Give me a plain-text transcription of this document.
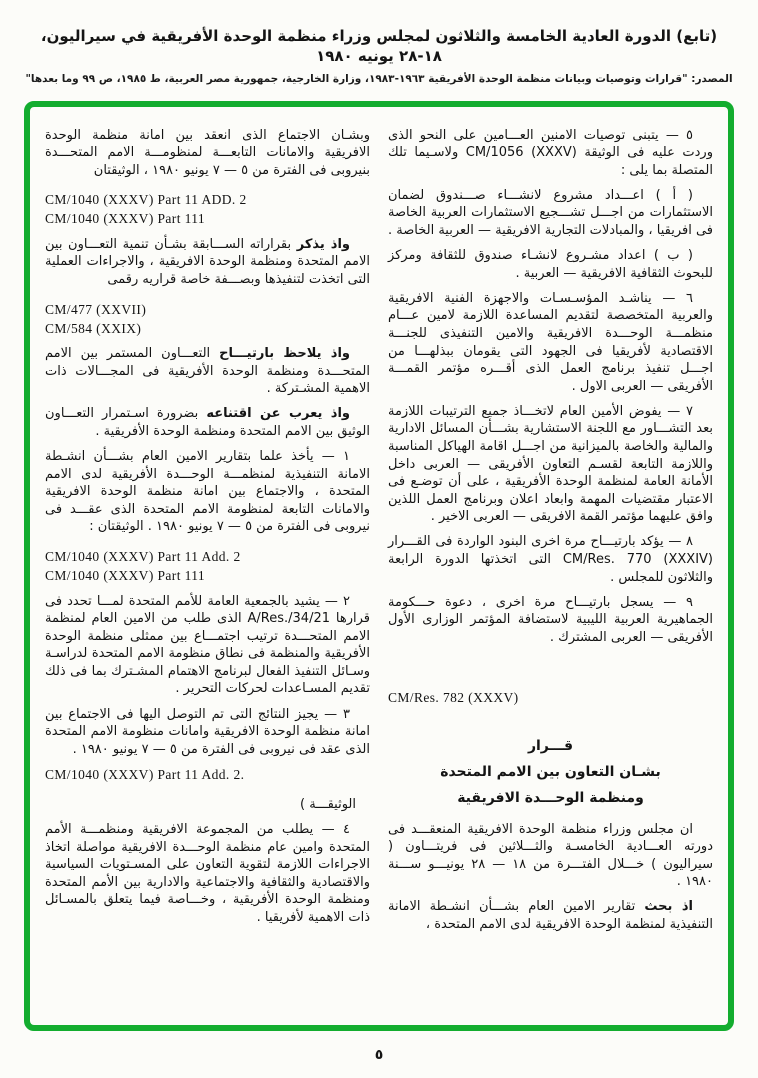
(تابع) الدورة العادية الخامسة والثلاثون لمجلس وزراء منظمة الوحدة الأفريقية في سيراليون، ١٨-٢٨ يونيه ١٩٨٠
المصدر: "قرارات وتوصيات وبيانات منظمة الوحدة الأفريقية ١٩٦٣-١٩٨٣، وزارة الخارجية، جمهورية مصر العربية، ط ١٩٨٥، ص ٩٩ وما بعدها"

٥ — يتبنى توصيات الامنين العـــامين على النحو الذى وردت عليه فى الوثيقة CM/1056 (XXXV) ولاسـيما تلك المتصلة بما يلى :

( أ ) اعـــداد مشروع لانشـــاء صـــندوق لضمان الاستثمارات من اجـــل تشـــجيع الاستثمارات العربية الخاصة فى افريقيا ، والمبادلات التجارية الافريقية — العربية الخاصة .

( ب ) اعداد مشـروع لانشـاء صندوق للثقافة ومركز للبحوث الثقافية الافريقية — العربية .

٦ — يناشـد المؤسـسـات والاجهزة الفنية الافريقية والعربية المتخصصة لتقديم المساعدة اللازمة لامين عـــام منظمـــة الوحـــدة الافريقية والامين التنفيذى للجنـــة الاقتصادية لأفريقيا فى الجهود التى يقومان ببذلهـــا من اجـــل تنفيذ برنامج العمل الذى أقـــره مؤتمر القمـــة الأفريقى — العربى الاول .

٧ — يفوض الأمين العام لاتخـــاذ جميع الترتيبات اللازمة بعد التشـــاور مع اللجنة الاستشارية بشـــأن المسائل الادارية والمالية والخاصة بالميزانية من اجـــل اقامة الهياكل المناسبة واللازمة التابعة لقسـم التعاون الأفريقى — العربى داخل الأمانة العامة لمنظمة الوحدة الأفريقية ، على أن توضـع فى الاعتبار مقتضيات المهمة وابعاد اعلان وبرنامج العمل اللذين وافق عليهما مؤتمر القمة الافريقى — العربى الاخير .

٨ — يؤكد بارتيـــاح مرة اخرى البنود الواردة فى القـــرار CM/Res. 770 (XXXIV) التى اتخذتها الدورة الرابعة والثلاثون للمجلس .

٩ — يسجل بارتيـــاح مرة اخرى ، دعوة حـــكومة الجماهيرية العربية الليبية لاستضافة المؤتمر الوزارى الأول الأفريقى — العربى المشترك .

CM/Res. 782 (XXXV)
قـــرار
بشـان التعاون بين الامم المتحدة
ومنظمة الوحـــدة الافريقية

ان مجلس وزراء منظمة الوحدة الافريقية المنعقـــد فى دورته العـــادية الخامسـة والثـــلاثين فى فريتـــاون ( سيراليون ) خـــلال الفتـــرة من ١٨ — ٢٨ يونيـــو ســـنة ١٩٨٠ .

اذ بحث تقارير الامين العام بشـــأن انشـطة الامانة التنفيذية لمنظمة الوحدة الافريقية لدى الامم المتحدة ،

وبشـان الاجتماع الذى انعقد بين امانة منظمة الوحدة الافريقية والامانات التابعـــة لمنظومـــة الامم المتحـــدة بنيروبى فى الفترة من ٥ — ٧ يونيو ١٩٨٠ ، الوثيقتان

CM/1040 (XXXV) Part 11 ADD. 2
CM/1040 (XXXV) Part 111

واذ يذكر بقراراته الســـابقة بشـأن تنمية التعـــاون بين الامم المتحدة ومنظمة الوحدة الافريقية ، والاجراءات العملية التى اتخذت لتنفيذها وبصـــفة خاصة قراريه رقمى

CM/477 (XXVII)
CM/584 (XXIX)

واذ يلاحظ بارتيـــاح التعـــاون المستمر بين الامم المتحـــدة ومنظمة الوحدة الأفريقية فى المجـــالات ذات الاهمية المشـتركة .

واذ يعرب عن اقتناعه بضرورة اسـتمرار التعـــاون الوثيق بين الامم المتحدة ومنظمة الوحدة الأفريقية .

١ — يأخذ علما بتقارير الامين العام بشـــأن انشـطة الامانة التنفيذية لمنظمـــة الوحـــدة الأفريقية لدى الامم المتحدة ، والاجتماع بين امانة منظمة الوحدة الافريقية والامانات التابعة لمنظومة الامم المتحدة الذى عقـــد فى نيروبى فى الفترة من ٥ — ٧ يونيو ١٩٨٠ . الوثيقتان :

CM/1040 (XXXV) Part 11 Add. 2
CM/1040 (XXXV) Part 111

٢ — يشيد بالجمعية العامة للأمم المتحدة لمـــا تحدد فى قرارها A/Res./34/21 الذى طلب من الامين العام لمنظمة الامم المتحـــدة ترتيب اجتمـــاع بين ممثلى منظمة الوحدة الأفريقية والمنظمة فى نطاق منظومة الامم المتحدة لدراسـة وسـائل التنفيذ الفعال لبرنامج الاهتمام المشـترك بما فى ذلك تقديم المسـاعدات لحركات التحرير .

٣ — يجيز النتائج التى تم التوصل اليها فى الاجتماع بين امانة منظمة الوحدة الافريقية وامانات منظومة الامم المتحدة الذى عقد فى نيروبى فى الفترة من ٥ — ٧ يونيو ١٩٨٠ .

CM/1040 (XXXV) Part 11 Add. 2.
( الوثيقـــة

٤ — يطلب من المجموعة الافريقية ومنظمـــة الأمم المتحدة وامين عام منظمة الوحـــدة الافريقية مواصلة اتخاذ الاجراءات اللازمة لتقوية التعاون على المسـتويات السياسية والاقتصادية والثقافية والاجتماعية والادارية بين الأمم المتحدة ومنظمة الوحدة الأفريقية ، وخـــاصة فيما يتعلق بالمسـائل ذات الاهمية لأفريقيا .

٥
